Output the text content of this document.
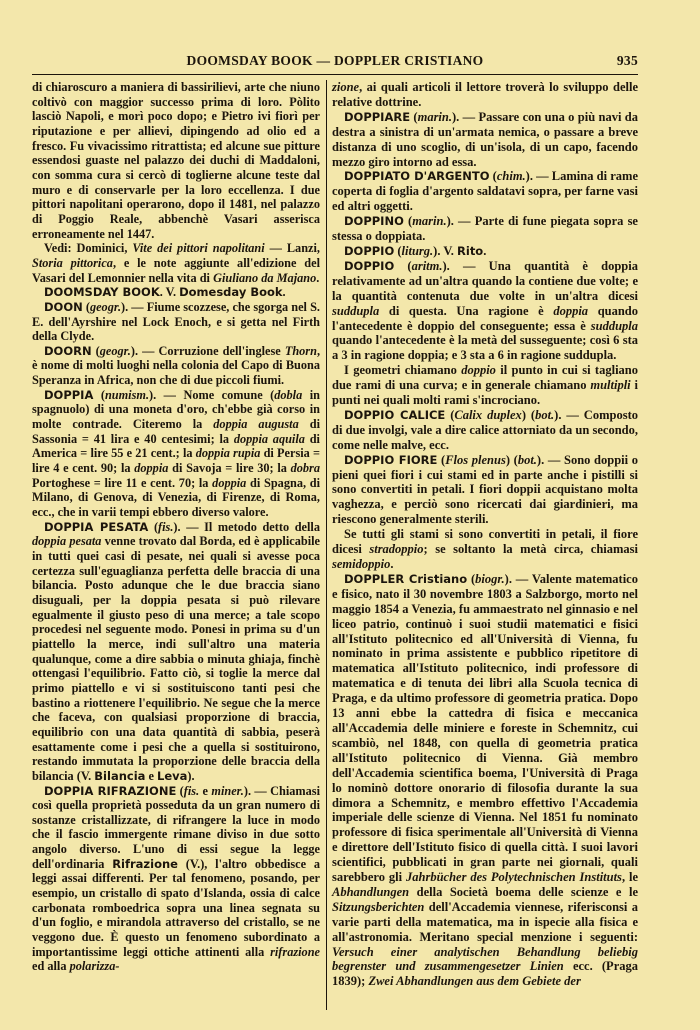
DOOMSDAY BOOK — DOPPLER CRISTIANO	935

di chiaroscuro a maniera di bassirilievi, arte che niuno coltivò con maggior successo prima di loro. Pòlito lasciò Napoli, e morì poco dopo; e Pietro ivi fiorì per riputazione e per allievi, dipingendo ad olio ed a fresco. Fu vivacissimo ritrattista; ed alcune sue pitture essendosi guaste nel palazzo dei duchi di Maddaloni, con somma cura si cercò di toglierne alcune teste dal muro e di conservarle per la loro eccellenza. I due pittori napolitani operarono, dopo il 1481, nel palazzo di Poggio Reale, abbenchè Vasari asserisca erroneamente nel 1447.

Vedi: Dominici, Vite dei pittori napolitani — Lanzi, Storia pittorica, e le note aggiunte all'edizione del Vasari del Lemonnier nella vita di Giuliano da Majano.

DOOMSDAY BOOK. V. Domesday Book.

DOON (geogr.). — Fiume scozzese, che sgorga nel S. E. dell'Ayrshire nel Lock Enoch, e si getta nel Firth della Clyde.

DOORN (geogr.). — Corruzione dell'inglese Thorn, è nome di molti luoghi nella colonia del Capo di Buona Speranza in Africa, non che di due piccoli fiumi.

DOPPIA (numism.). — Nome comune (dobla in spagnuolo) di una moneta d'oro, ch'ebbe già corso in molte contrade. Citeremo la doppia augusta di Sassonia = 41 lira e 40 centesimi; la doppia aquila di America = lire 55 e 21 cent.; la doppia rupia di Persia = lire 4 e cent. 90; la doppia di Savoja = lire 30; la dobra Portoghese = lire 11 e cent. 70; la doppia di Spagna, di Milano, di Genova, di Venezia, di Firenze, di Roma, ecc., che in varii tempi ebbero diverso valore.

DOPPIA PESATA (fis.). — Il metodo detto della doppia pesata venne trovato dal Borda, ed è applicabile in tutti quei casi di pesate, nei quali si avesse poca certezza sull'eguaglianza perfetta delle braccia di una bilancia. Posto adunque che le due braccia siano disuguali, per la doppia pesata si può rilevare egualmente il giusto peso di una merce; a tale scopo procedesi nel seguente modo. Ponesi in prima su d'un piattello la merce, indi sull'altro una materia qualunque, come a dire sabbia o minuta ghiaja, finchè ottengasi l'equilibrio. Fatto ciò, si toglie la merce dal primo piattello e vi si sostituiscono tanti pesi che bastino a riottenere l'equilibrio. Ne segue che la merce che faceva, con qualsiasi proporzione di braccia, equilibrio con una data quantità di sabbia, peserà esattamente come i pesi che a quella si sostituirono, restando immutata la proporzione delle braccia della bilancia (V. Bilancia e Leva).

DOPPIA RIFRAZIONE (fis. e miner.). — Chiamasi così quella proprietà posseduta da un gran numero di sostanze cristallizzate, di rifrangere la luce in modo che il fascio immergente rimane diviso in due sotto angolo diverso. L'uno di essi segue la legge dell'ordinaria Rifrazione (V.), l'altro obbedisce a leggi assai differenti. Per tal fenomeno, posando, per esempio, un cristallo di spato d'Islanda, ossia di calce carbonata romboedrica sopra una linea segnata su d'un foglio, e mirandola attraverso del cristallo, se ne veggono due. È questo un fenomeno subordinato a importantissime leggi ottiche attinenti alla rifrazione ed alla polarizza-

zione, ai quali articoli il lettore troverà lo sviluppo delle relative dottrine.

DOPPIARE (marin.). — Passare con una o più navi da destra a sinistra di un'armata nemica, o passare a breve distanza di uno scoglio, di un'isola, di un capo, facendo mezzo giro intorno ad essa.

DOPPIATO D'ARGENTO (chim.). — Lamina di rame coperta di foglia d'argento saldatavi sopra, per farne vasi ed altri oggetti.

DOPPINO (marin.). — Parte di fune piegata sopra se stessa o doppiata.

DOPPIO (liturg.). V. Rito.

DOPPIO (aritm.). — Una quantità è doppia relativamente ad un'altra quando la contiene due volte; e la quantità contenuta due volte in un'altra dicesi suddupla di questa. Una ragione è doppia quando l'antecedente è doppio del conseguente; essa è suddupla quando l'antecedente è la metà del susseguente; così 6 sta a 3 in ragione doppia; e 3 sta a 6 in ragione suddupla.

I geometri chiamano doppio il punto in cui si tagliano due rami di una curva; e in generale chiamano multipli i punti nei quali molti rami s'incrociano.

DOPPIO CALICE (Calix duplex) (bot.). — Composto di due involgi, vale a dire calice attorniato da un secondo, come nelle malve, ecc.

DOPPIO FIORE (Flos plenus) (bot.). — Sono doppii o pieni quei fiori i cui stami ed in parte anche i pistilli si sono convertiti in petali. I fiori doppii acquistano molta vaghezza, e perciò sono ricercati dai giardinieri, ma riescono generalmente sterili.

Se tutti gli stami si sono convertiti in petali, il fiore dicesi stradoppio; se soltanto la metà circa, chiamasi semidoppio.

DOPPLER Cristiano (biogr.). — Valente matematico e fisico, nato il 30 novembre 1803 a Salzborgo, morto nel maggio 1854 a Venezia, fu ammaestrato nel ginnasio e nel liceo patrio, continuò i suoi studii matematici e fisici all'Istituto politecnico ed all'Università di Vienna, fu nominato in prima assistente e pubblico ripetitore di matematica all'Istituto politecnico, indi professore di matematica e di tenuta dei libri alla Scuola tecnica di Praga, e da ultimo professore di geometria pratica. Dopo 13 anni ebbe la cattedra di fisica e meccanica all'Accademia delle miniere e foreste in Schemnitz, cui scambiò, nel 1848, con quella di geometria pratica all'Istituto politecnico di Vienna. Già membro dell'Accademia scientifica boema, l'Università di Praga lo nominò dottore onorario di filosofia durante la sua dimora a Schemnitz, e membro effettivo l'Accademia imperiale delle scienze di Vienna. Nel 1851 fu nominato professore di fisica sperimentale all'Università di Vienna e direttore dell'Istituto fisico di quella città. I suoi lavori scientifici, pubblicati in gran parte nei giornali, quali sarebbero gli Jahrbücher des Polytechnischen Instituts, le Abhandlungen della Società boema delle scienze e le Sitzungsberichten dell'Accademia viennese, riferisconsi a varie parti della matematica, ma in ispecie alla fisica e all'astronomia. Meritano special menzione i seguenti: Versuch einer analytischen Behandlung beliebig begrenster und zusammengesetzer Linien ecc. (Praga 1839); Zwei Abhandlungen aus dem Gebiete der
